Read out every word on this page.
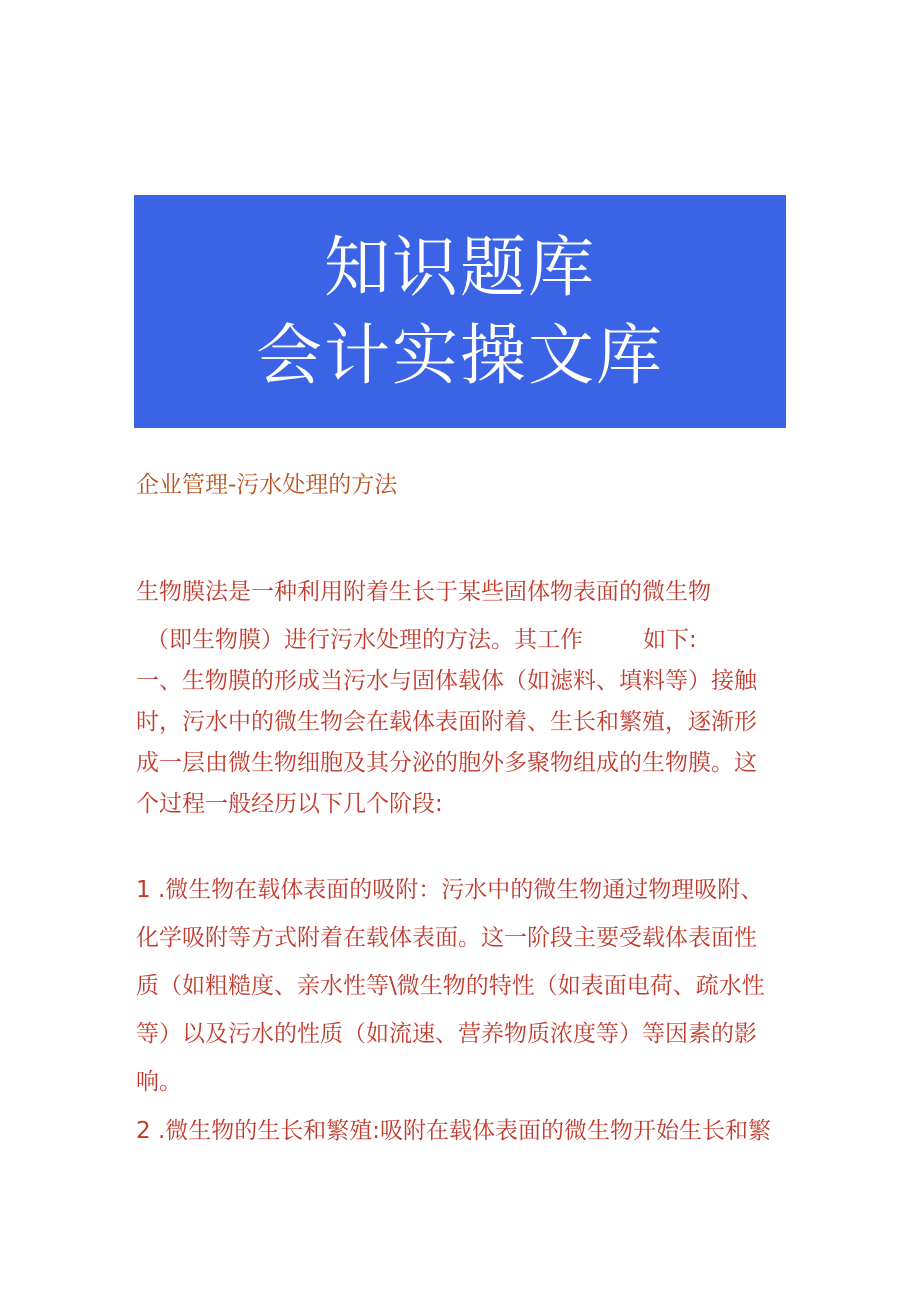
知识题库
会计实操文库
企业管理-污水处理的方法
生物膜法是一种利用附着生长于某些固体物表面的微生物
（即生物膜）进行污水处理的方法。其工作	如下:
一、生物膜的形成当污水与固体载体（如滤料、填料等）接触
时，污水中的微生物会在载体表面附着、生长和繁殖，逐渐形
成一层由微生物细胞及其分泌的胞外多聚物组成的生物膜。这
个过程一般经历以下几个阶段:
1 .微生物在载体表面的吸附：污水中的微生物通过物理吸附、
化学吸附等方式附着在载体表面。这一阶段主要受载体表面性
质（如粗糙度、亲水性等\微生物的特性（如表面电荷、疏水性
等）以及污水的性质（如流速、营养物质浓度等）等因素的影
响。
2 .微生物的生长和繁殖:吸附在载体表面的微生物开始生长和繁
